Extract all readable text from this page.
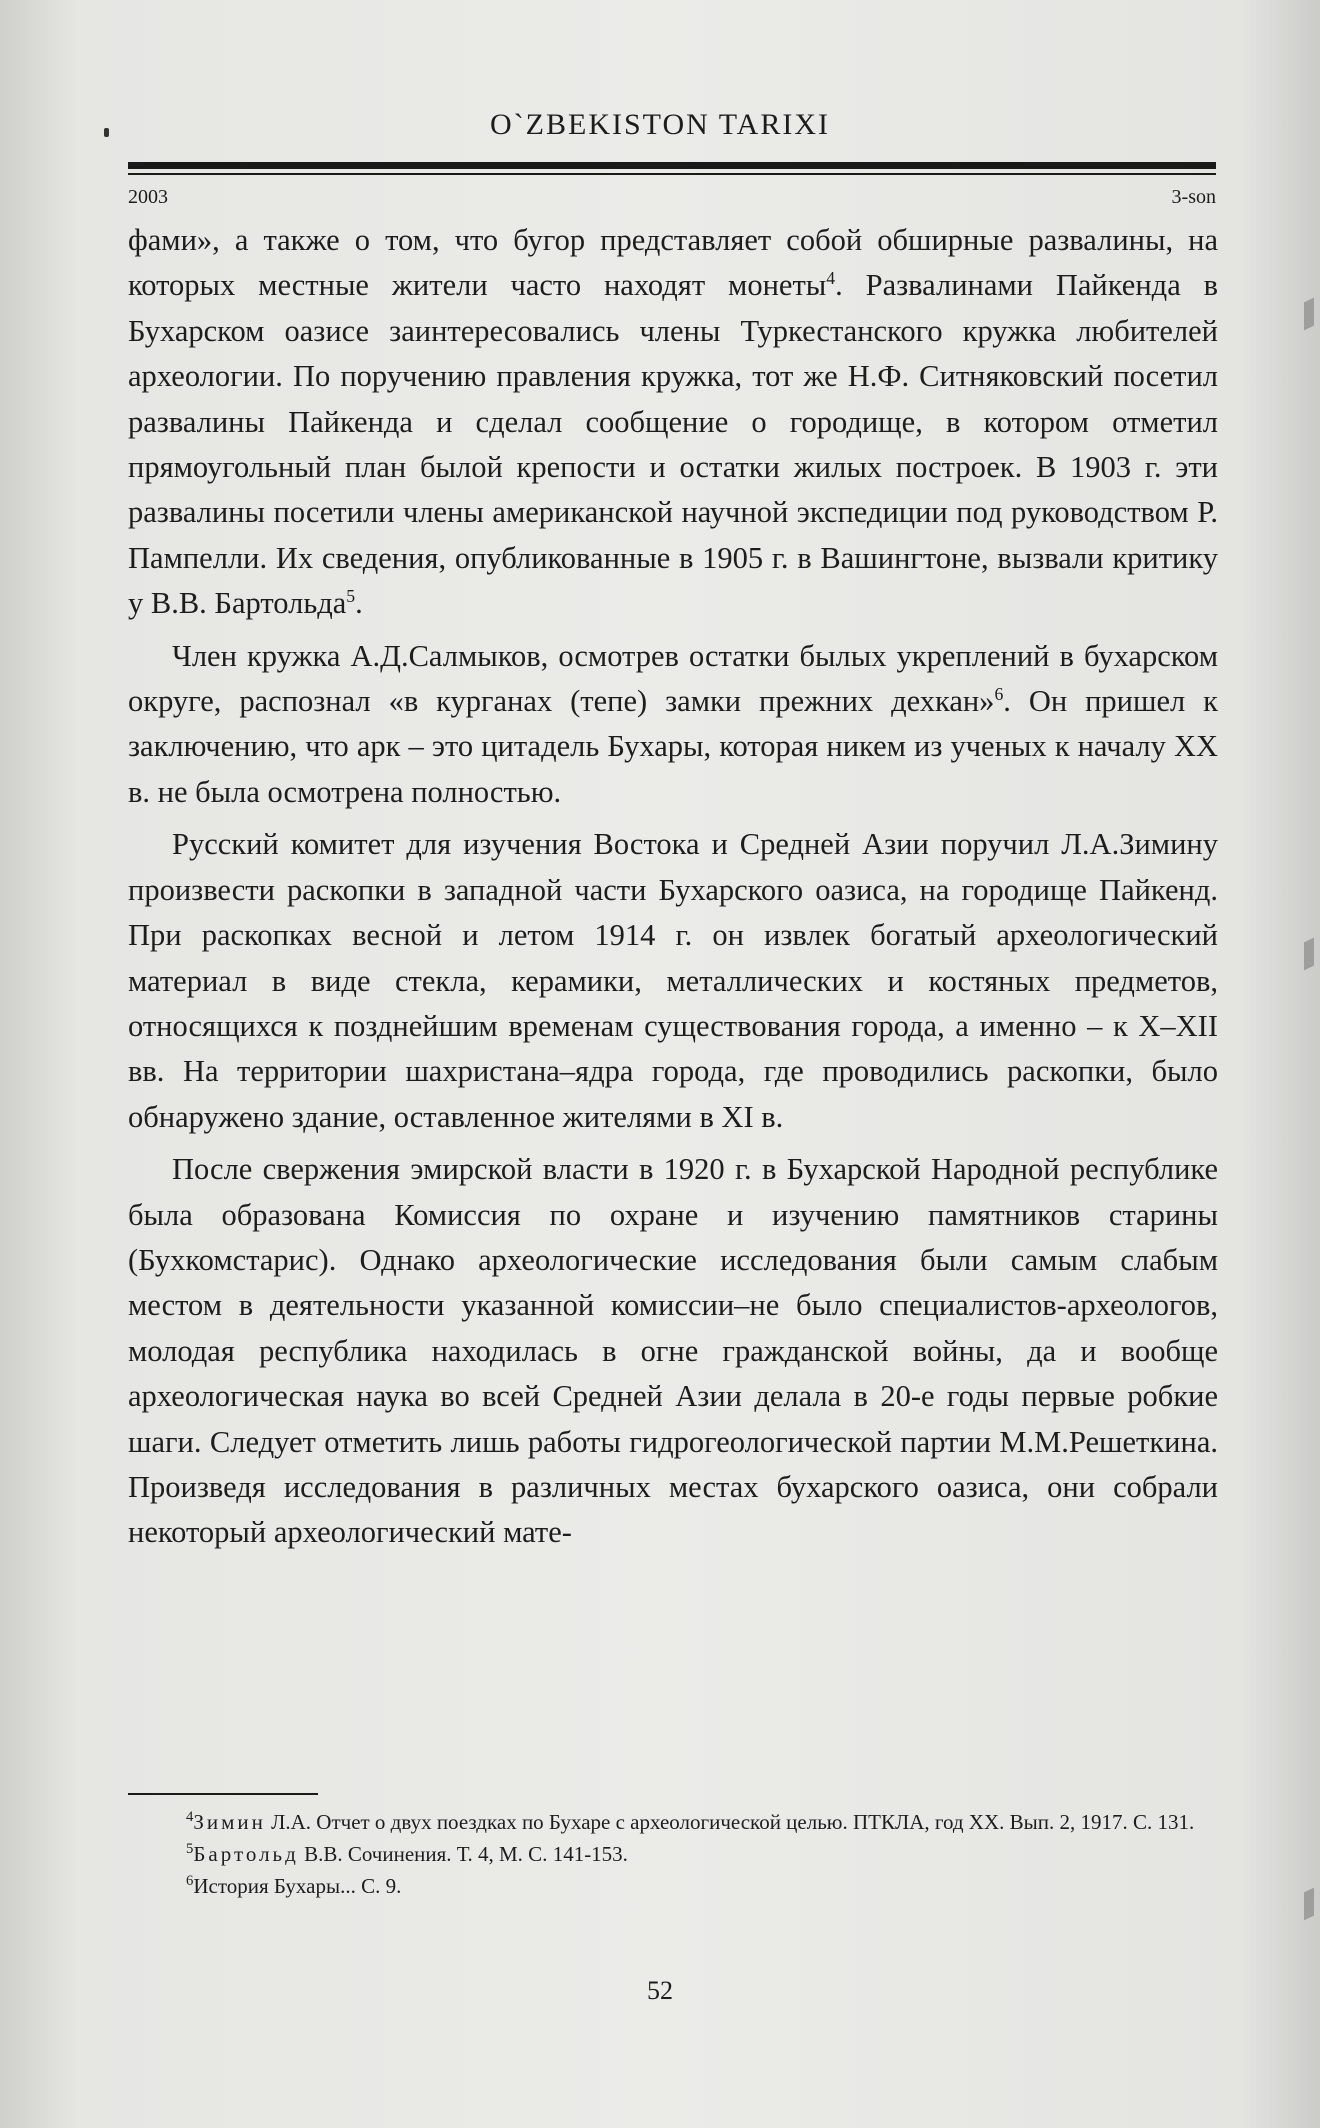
O`ZBEKISTON TARIXI
2003	3-son

фами», а также о том, что бугор представляет собой обширные развалины, на которых местные жители часто находят монеты$^4$. Развалинами Пайкенда в Бухарском оазисе заинтересовались члены Туркестанского кружка любителей археологии. По поручению правления кружка, тот же Н.Ф. Ситняковский посетил развалины Пайкенда и сделал сообщение о городище, в котором отметил прямоугольный план былой крепости и остатки жилых построек. В 1903 г. эти развалины посетили члены американской научной экспедиции под руководством Р. Пампелли. Их сведения, опубликованные в 1905 г. в Вашингтоне, вызвали критику у В.В. Бартольда$^5$.

Член кружка А.Д.Салмыков, осмотрев остатки былых укреплений в бухарском округе, распознал «в курганах (тепе) замки прежних дехкан»$^6$. Он пришел к заключению, что арк – это цитадель Бухары, которая никем из ученых к началу XX в. не была осмотрена полностью.

Русский комитет для изучения Востока и Средней Азии поручил Л.А.Зимину произвести раскопки в западной части Бухарского оазиса, на городище Пайкенд. При раскопках весной и летом 1914 г. он извлек богатый археологический материал в виде стекла, керамики, металлических и костяных предметов, относящихся к позднейшим временам существования города, а именно – к X–XII вв. На территории шахристана–ядра города, где проводились раскопки, было обнаружено здание, оставленное жителями в XI в.

После свержения эмирской власти в 1920 г. в Бухарской Народной республике была образована Комиссия по охране и изучению памятников старины (Бухкомстарис). Однако археологические исследования были самым слабым местом в деятельности указанной комиссии–не было специалистов-археологов, молодая республика находилась в огне гражданской войны, да и вообще археологическая наука во всей Средней Азии делала в 20-е годы первые робкие шаги. Следует отметить лишь работы гидрогеологической партии М.М.Решеткина. Произведя исследования в различных местах бухарского оазиса, они собрали некоторый археологический мате-

$^4$Зимин Л.А. Отчет о двух поездках по Бухаре с археологической целью. ПТКЛА, год XX. Вып. 2, 1917. С. 131.

$^5$Бартольд В.В. Сочинения. Т. 4, М. С. 141-153.

$^6$История Бухары... С. 9.

52
